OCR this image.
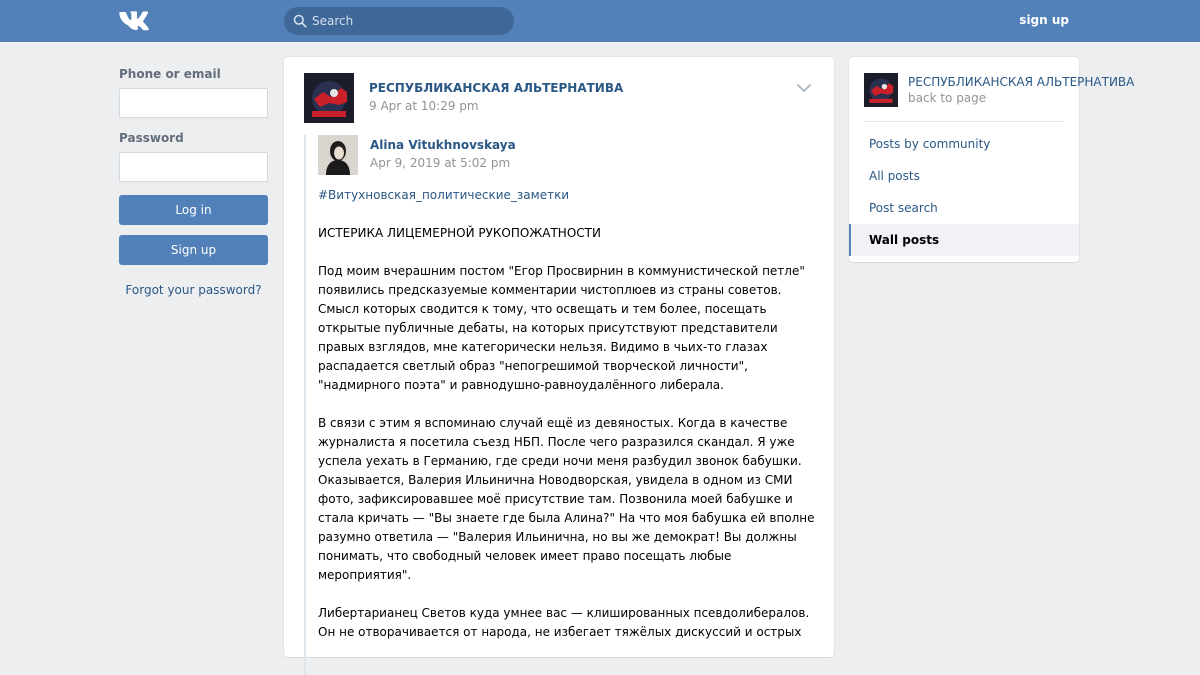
Search
sign up
Phone or email
Password
Log in
Sign up
Forgot your password?
РЕСПУБЛИКАНСКАЯ АЛЬТЕРНАТИВА
9 Apr at 10:29 pm
Alina Vitukhnovskaya
Apr 9, 2019 at 5:02 pm
#Витухновская_политические_заметки

ИСТЕРИКА ЛИЦЕМЕРНОЙ РУКОПОЖАТНОСТИ

Под моим вчерашним постом "Егор Просвирнин в коммунистической петле" появились предсказуемые комментарии чистоплюев из страны советов. Смысл которых сводится к тому, что освещать и тем более, посещать открытые публичные дебаты, на которых присутствуют представители правых взглядов, мне категорически нельзя. Видимо в чьих-то глазах распадается светлый образ "непогрешимой творческой личности", "надмирного поэта" и равнодушно-равноудалённого либерала.

В связи с этим я вспоминаю случай ещё из девяностых. Когда в качестве журналиста я посетила съезд НБП. После чего разразился скандал. Я уже успела уехать в Германию, где среди ночи меня разбудил звонок бабушки. Оказывается, Валерия Ильинична Новодворская, увидела в одном из СМИ фото, зафиксировавшее моё присутствие там. Позвонила моей бабушке и стала кричать — "Вы знаете где была Алина?" На что моя бабушка ей вполне разумно ответила — "Валерия Ильинична, но вы же демократ! Вы должны понимать, что свободный человек имеет право посещать любые мероприятия".

Либертарианец Светов куда умнее вас — клишированных псевдолибералов. Он не отворачивается от народа, не избегает тяжёлых дискуссий и острых

РЕСПУБЛИКАНСКАЯ АЛЬТЕРНАТИВА
back to page
Posts by community
All posts
Post search
Wall posts
